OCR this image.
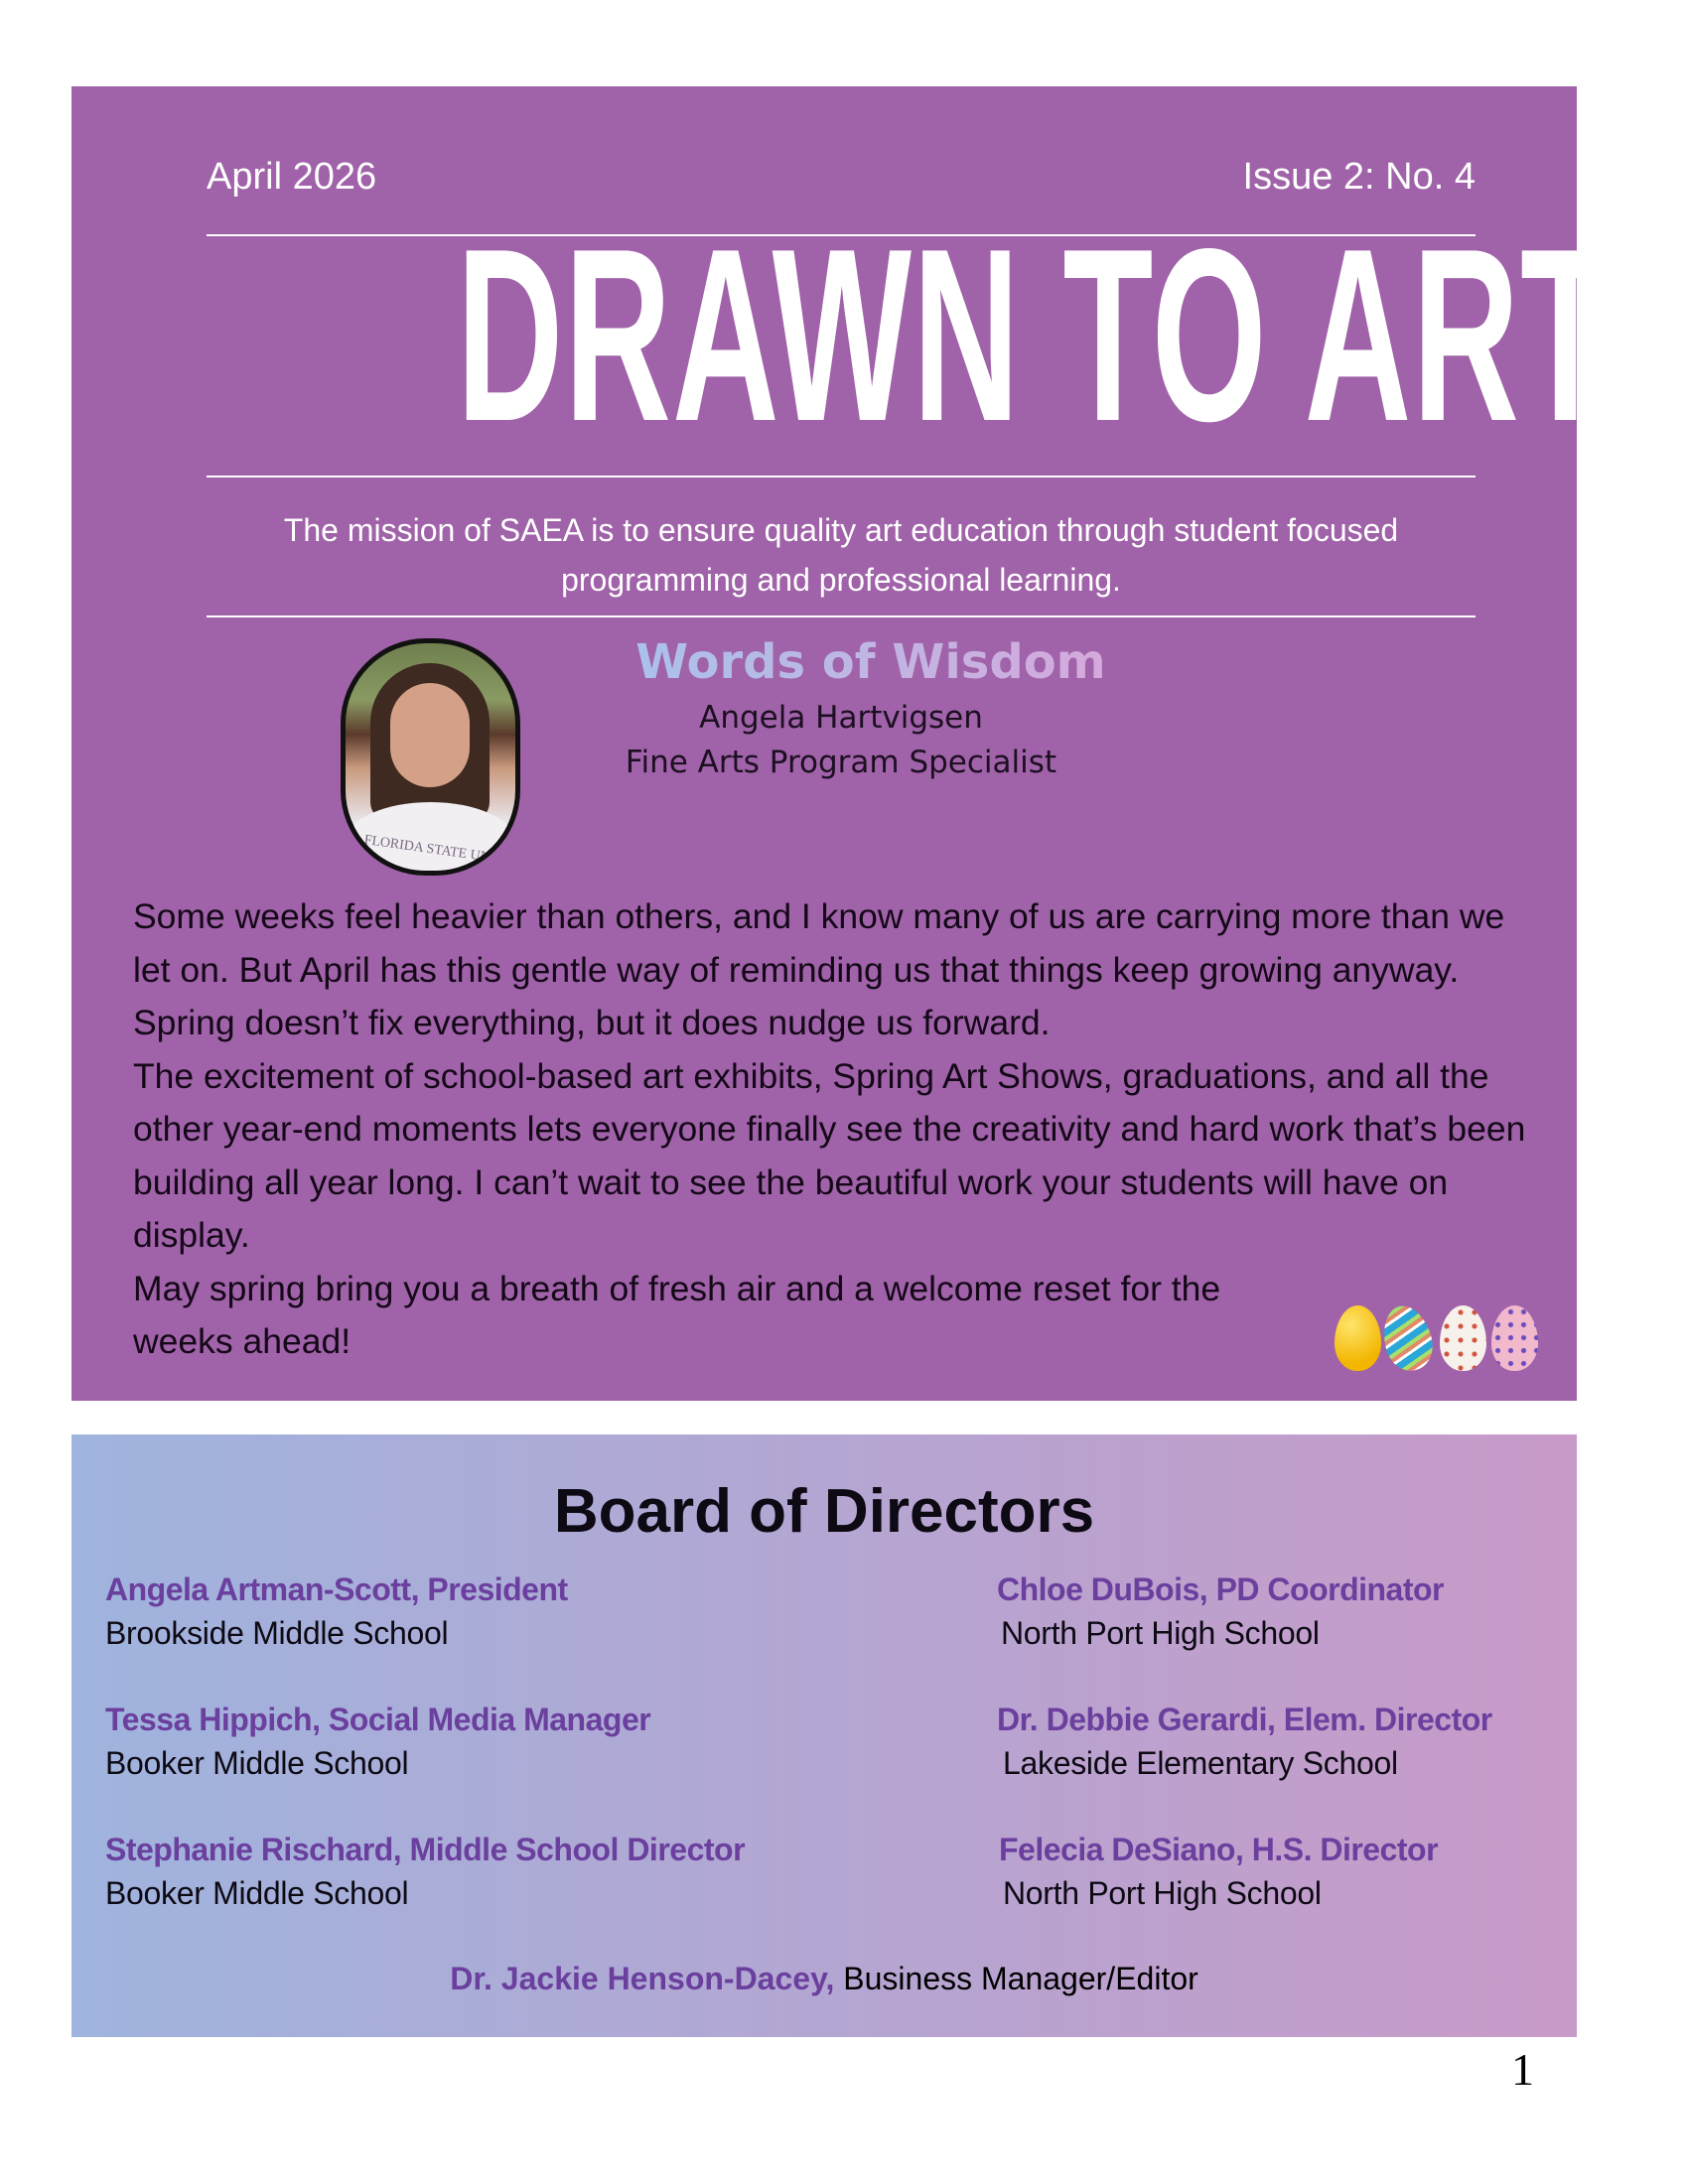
April 2026	Issue 2: No. 4
DRAWN TO ART
The mission of SAEA is to ensure quality art education through student focused programming and professional learning.
FLORIDA STATE UNI
Words of Wisdom
Angela Hartvigsen
Fine Arts Program Specialist

Some weeks feel heavier than others, and I know many of us are carrying more than we let on. But April has this gentle way of reminding us that things keep growing anyway. Spring doesn’t fix everything, but it does nudge us forward.

The excitement of school-based art exhibits, Spring Art Shows, graduations, and all the other year-end moments lets everyone finally see the creativity and hard work that’s been building all year long. I can’t wait to see the beautiful work your students will have on display.

May spring bring you a breath of fresh air and a welcome reset for the weeks ahead!

Board of Directors
Angela Artman-Scott, President
Brookside Middle School
Tessa Hippich, Social Media Manager
Booker Middle School
Stephanie Rischard, Middle School Director
Booker Middle School
Chloe DuBois, PD Coordinator
North Port High School
Dr. Debbie Gerardi, Elem. Director
Lakeside Elementary School
Felecia DeSiano, H.S. Director
North Port High School
Dr. Jackie Henson-Dacey, Business Manager/Editor
1
